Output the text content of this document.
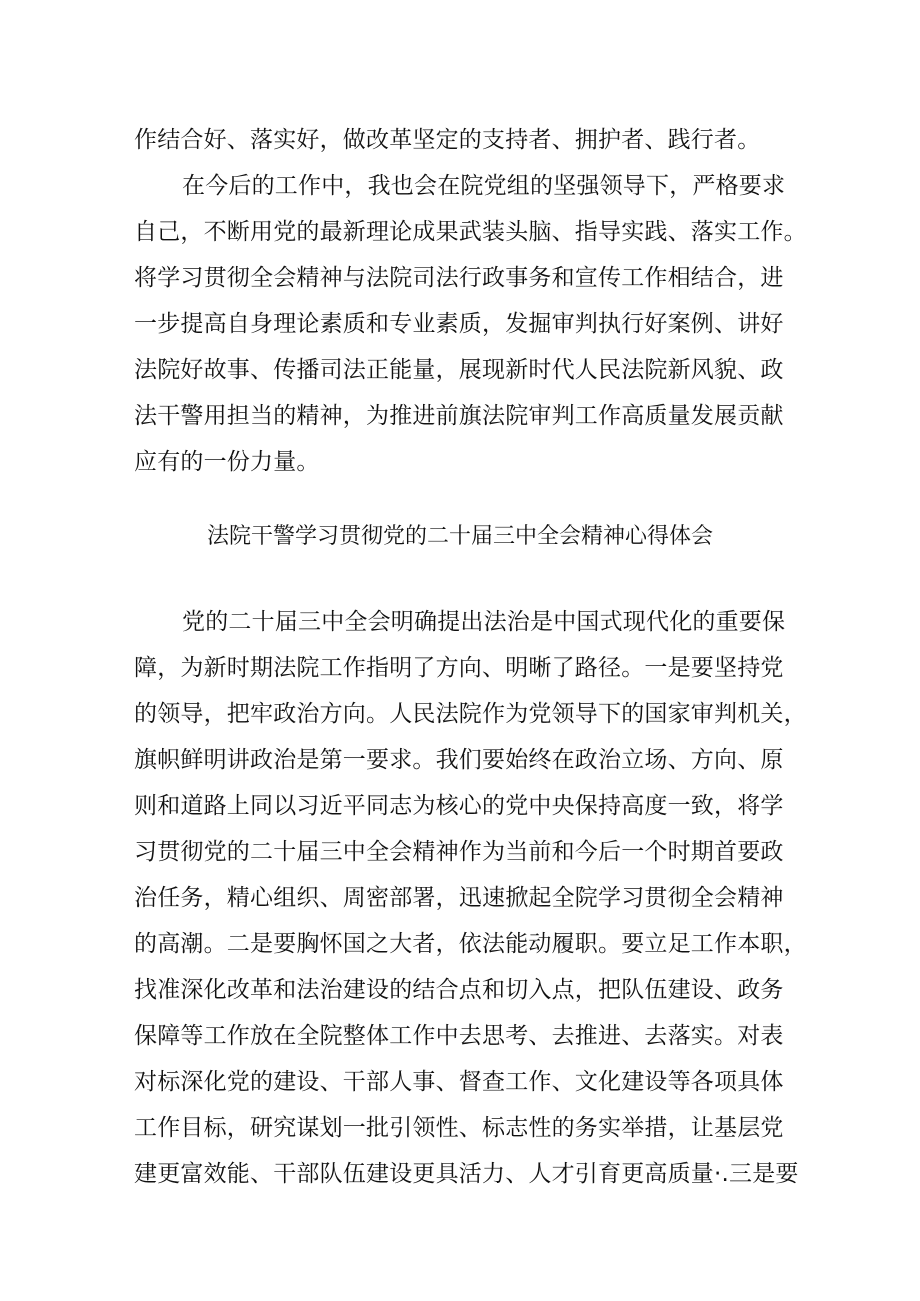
作结合好、落实好，做改革坚定的支持者、拥护者、践行者。
在今后的工作中，我也会在院党组的坚强领导下，严格要求
自己，不断用党的最新理论成果武装头脑、指导实践、落实工作。
将学习贯彻全会精神与法院司法行政事务和宣传工作相结合，进
一步提高自身理论素质和专业素质，发掘审判执行好案例、讲好
法院好故事、传播司法正能量，展现新时代人民法院新风貌、政
法干警用担当的精神，为推进前旗法院审判工作高质量发展贡献
应有的一份力量。
法院干警学习贯彻党的二十届三中全会精神心得体会
党的二十届三中全会明确提出法治是中国式现代化的重要保
障，为新时期法院工作指明了方向、明晰了路径。一是要坚持党
的领导，把牢政治方向。人民法院作为党领导下的国家审判机关，
旗帜鲜明讲政治是第一要求。我们要始终在政治立场、方向、原
则和道路上同以习近平同志为核心的党中央保持高度一致，将学
习贯彻党的二十届三中全会精神作为当前和今后一个时期首要政
治任务，精心组织、周密部署，迅速掀起全院学习贯彻全会精神
的高潮。二是要胸怀国之大者，依法能动履职。要立足工作本职，
找准深化改革和法治建设的结合点和切入点，把队伍建设、政务
保障等工作放在全院整体工作中去思考、去推进、去落实。对表
对标深化党的建设、干部人事、督查工作、文化建设等各项具体
工作目标，研究谋划一批引领性、标志性的务实举措，让基层党
建更富效能、干部队伍建设更具活力、人才引育更高质量·.三是要
